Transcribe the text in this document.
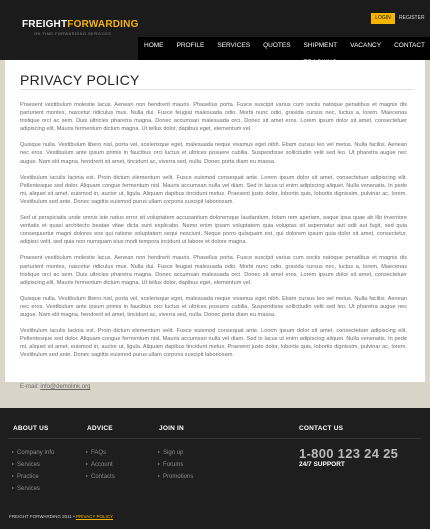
FREIGHTFORWARDING
ON TIME FORWARDING SERVICES
LOGIN	REGISTER
HOME	PROFILE	SERVICES	QUOTES	SHIPMENT	VACANCY	CONTACT
PRIVACY POLICY

Praesent vestibulum molestie lacus. Aenean non hendrerit mauris. Phasellus porta. Fusce suscipit varius cum sociis natoque penatibus et magnis dis parturient montes, nascetur ridiculus mus. Nulla dui. Fusce feugiat malesuada odio. Morbi nunc odio, gravida cursus nec, luctus a, lorem. Maecenas tristique orci ac sem. Duis ultricies pharetra magna. Donec accumsan malesuada orci. Donec sit amet eros. Lorem ipsum dolor sit amet, consectetuer adipiscing elit. Mauris fermentum dictum magna. Ut tellus dolor, dapibus eget, elementum vel.

Quisque nulla. Vestibulum libero nisl, porta vel, scelerisque eget, malesuada neque vivamus eget nibh. Etiam cursus leo vel metus. Nulla facilisi. Aenean nec eros. Vestibulum ante ipsum primis in faucibus orci luctus et ultrices posuere cubilia. Suspendisse sollicitudin velit sed leo. Ut pharetra augue nec augue. Nam elit magna, hendrerit sit amet, tincidunt ac, viverra sed, nulla. Donec porta diam eu massa.

Vestibulum iaculis lacinia est. Proin dictum elementum velit. Fusce euismod consequat ante. Lorem ipsum dolor sit amet, consectetuer adipiscing elit. Pellentesque sed dolor. Aliquam congue fermentum nisl. Mauris accumsan nulla vel diam. Sed in lacus ut enim adipiscing aliquet. Nulla venenatis. In pede mi, aliquet sit amet, euismod in, auctor ut, ligula. Aliquam dapibus tincidunt metus. Praesent justo dolor, lobortis quis, lobortis dignissim, pulvinar ac, lorem. Vestibulum sed ante. Donec sagittis euismod purus ullam corpons suscipit laboriosam.

Sed ut perspiciatis unde omnis iste natus error sit voluptatem accusantium doloremque laudantium, totam rem aperiam, eaque ipsa quae ab illo inventore veritatis et quasi architecto beatae vitae dicta sunt explicabo. Nemo enim ipsam voluptatem quia voluptas sit aspernatur aut odit aut fugit, sed quia consequuntur magni dolores eos qui ratione voluptatem sequi nesciunt. Neque porro quisquam est, qui dolorem ipsum quia dolor sit amet, consectetur, adipisci velit, sed quia non numquam eius modi tempora incidunt ut labore et dolore magna.

Praesent vestibulum molestie lacus. Aenean non hendrerit mauris. Phasellus porta. Fusce suscipit varius cum sociis natoque penatibus et magnis dis parturient montes, nascetur ridiculus mus. Nulla dui. Fusce feugiat malesuada odio. Morbi nunc odio, gravida cursus nec, luctus a, lorem. Maecenas tristique orci ac sem. Duis ultricies pharetra magna. Donec accumsan malesuada orci. Donec sit amet eros. Lorem ipsum dolor sit amet, consectetuer adipiscing elit. Mauris fermentum dictum magna. Ut tellus dolor, dapibus eget, elementum vel.

Quisque nulla. Vestibulum libero nisl, porta vel, scelerisque eget, malesuada neque vivamus eget nibh. Etiam cursus leo vel metus. Nulla facilisi. Aenean nec eros. Vestibulum ante ipsum primis in faucibus orci luctus et ultrices posuere cubilia. Suspendisse sollicitudin velit sed leo. Ut pharetra augue nec augue. Nam elit magna, hendrerit sit amet, tincidunt ac, viverra sed, nulla. Donec porta diam eu massa.

Vestibulum iaculis lacinia est. Proin dictum elementum velit. Fusce euismod consequat ante. Lorem ipsum dolor sit amet, consectetuer adipiscing elit. Pellentesque sed dolor. Aliquam congue fermentum nisl. Mauris accumsan nulla vel diam. Sed in lacus ut enim adipiscing aliquet. Nulla venenatis. In pede mi, aliquet sit amet, euismod in, auctor ut, ligula. Aliquam dapibus tincidunt metus. Praesent justo dolor, lobortis quis, lobortis dignissim, pulvinar ac, lorem. Vestibulum sed ante. Donec sagittis euismod purus ullam corpons suscipit laboriosam.

E-mail: info@demolink.org
ABOUT US	ADVICE	JOIN IN	CONTACT US
▸ Company Info
▸ Services
▸ Practice
▸ Services
▸ FAQs
▸ Account
▸ Contacts
▸ Sign up
▸ Forums
▸ Promotions
1-800 123 24 25
24/7 SUPPORT
FREIGHT FORWARDING 2011 • PRIVACY POLICY
